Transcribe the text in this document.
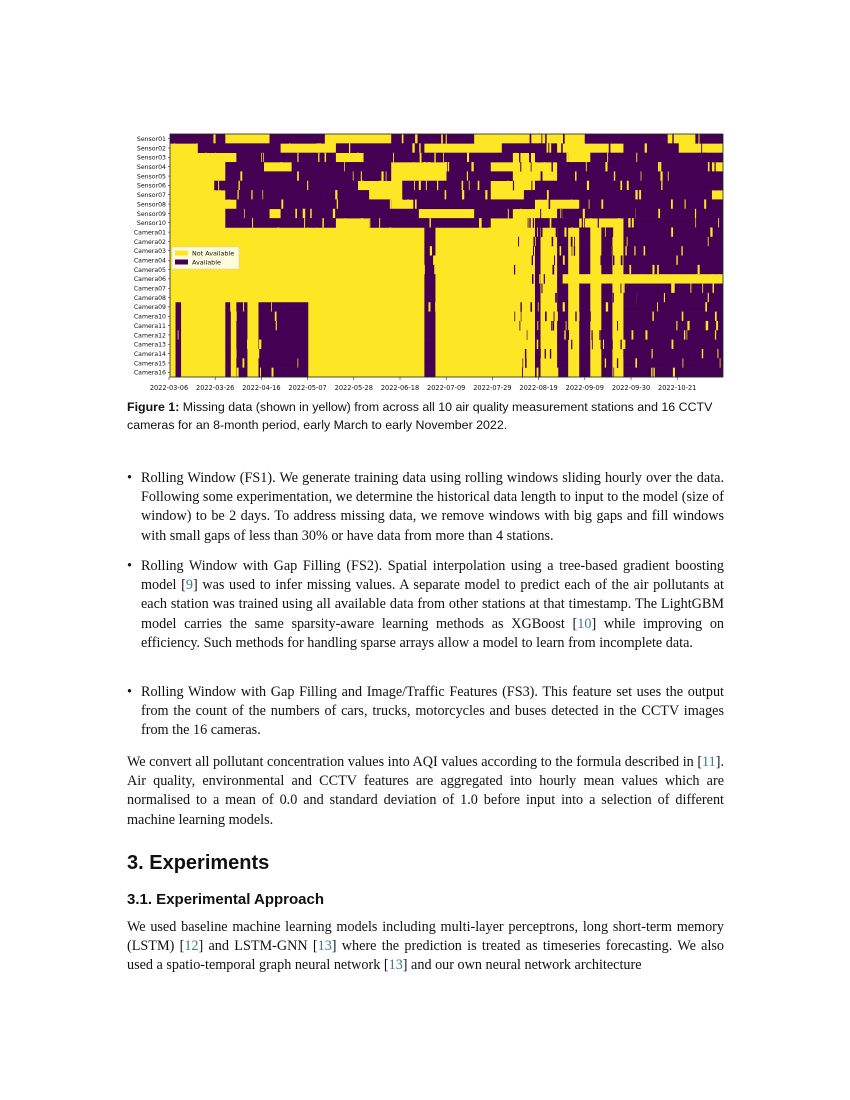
Sensor01
Sensor02
Sensor03
Sensor04
Sensor05
Sensor06
Sensor07
Sensor08
Sensor09
Sensor10
Camera01
Camera02
Camera03
Camera04
Camera05
Camera06
Camera07
Camera08
Camera09
Camera10
Camera11
Camera12
Camera13
Camera14
Camera15
Camera16
2022-03-06 2022-03-26 2022-04-16 2022-05-07 2022-05-28 2022-06-18 2022-07-09 2022-07-29 2022-08-19 2022-09-09 2022-09-30 2022-10-21
Not Available
Available
Figure 1: Missing data (shown in yellow) from across all 10 air quality measurement stations and 16 CCTV cameras for an 8-month period, early March to early November 2022.
• Rolling Window (FS1). We generate training data using rolling windows sliding hourly over the data. Following some experimentation, we determine the historical data length to input to the model (size of window) to be 2 days. To address missing data, we remove windows with big gaps and fill windows with small gaps of less than 30% or have data from more than 4 stations.
• Rolling Window with Gap Filling (FS2). Spatial interpolation using a tree-based gradient boosting model [9] was used to infer missing values. A separate model to predict each of the air pollutants at each station was trained using all available data from other stations at that timestamp. The LightGBM model carries the same sparsity-aware learning methods as XGBoost [10] while improving on efficiency. Such methods for handling sparse arrays allow a model to learn from incomplete data.
• Rolling Window with Gap Filling and Image/Traffic Features (FS3). This feature set uses the output from the count of the numbers of cars, trucks, motorcycles and buses detected in the CCTV images from the 16 cameras.

We convert all pollutant concentration values into AQI values according to the formula described in [11]. Air quality, environmental and CCTV features are aggregated into hourly mean values which are normalised to a mean of 0.0 and standard deviation of 1.0 before input into a selection of different machine learning models.

3. Experiments
3.1. Experimental Approach

We used baseline machine learning models including multi-layer perceptrons, long short-term memory (LSTM) [12] and LSTM-GNN [13] where the prediction is treated as timeseries forecasting. We also used a spatio-temporal graph neural network [13] and our own neural network architecture
